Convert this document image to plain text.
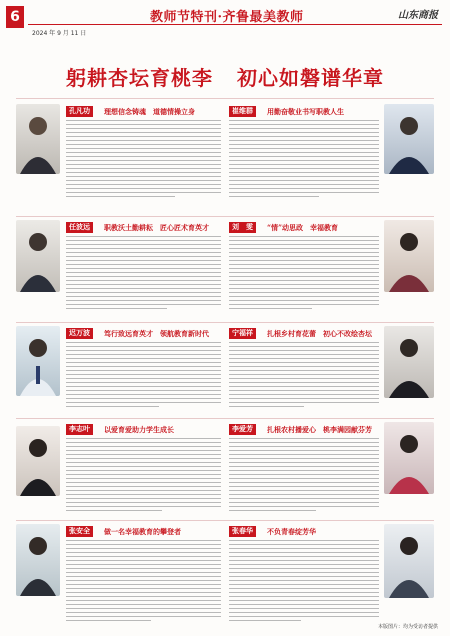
6
2024 年 9 月 11 日
教师节特刊·齐鲁最美教师	山东商报
躬耕杏坛育桃李 初心如磐谱华章
孔凡功	理想信念铸魂　道德情操立身	崔维群	用勤奋敬业书写职教人生
任波远	职教沃土勤耕耘　匠心匠术育英才	刘　雯	“情”动思政　幸福教育
迟万波	笃行致远育英才　领航教育新时代	宁福祥	扎根乡村育花蕾　初心不改绘杏坛
李志叶	以爱育爱助力学生成长	李爱芳	扎根农村播爱心　桃李满园献芬芳
张安全	做一名幸福教育的攀登者	张春华	不负青春绽芳华
本版图片：均为受访者提供
